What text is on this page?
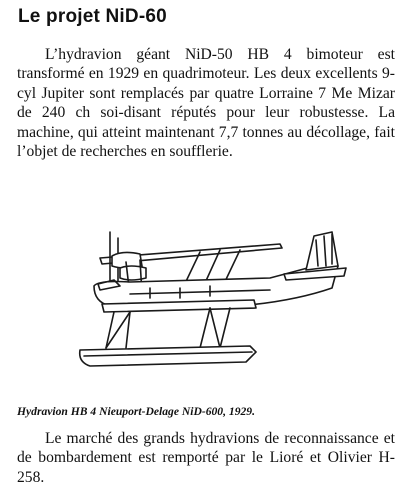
Le projet NiD-60

L’hydravion géant NiD-50 HB 4 bimoteur est transformé en 1929 en quadrimoteur. Les deux excellents 9-cyl Jupiter sont remplacés par quatre Lorraine 7 Me Mizar de 240 ch soi-disant réputés pour leur robustesse. La machine, qui atteint maintenant 7,7 tonnes au décollage, fait l’objet de recherches en soufflerie.

Hydravion HB 4 Nieuport-Delage NiD-600, 1929.

Le marché des grands hydravions de reconnaissance et de bombardement est remporté par le Lioré et Olivier H-258.
